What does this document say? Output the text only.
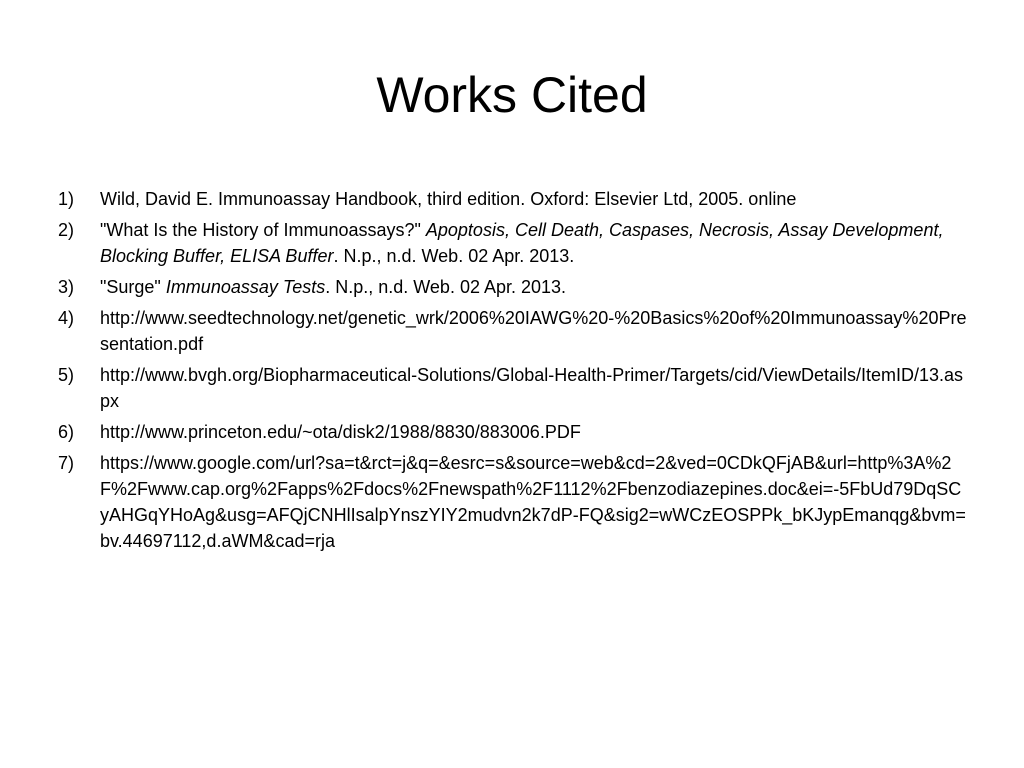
Works Cited
1) Wild, David E. Immunoassay Handbook, third edition. Oxford: Elsevier Ltd, 2005. online
2) "What Is the History of Immunoassays?" Apoptosis, Cell Death, Caspases, Necrosis, Assay Development, Blocking Buffer, ELISA Buffer. N.p., n.d. Web. 02 Apr. 2013.
3) "Surge" Immunoassay Tests. N.p., n.d. Web. 02 Apr. 2013.
4) http://www.seedtechnology.net/genetic_wrk/2006%20IAWG%20-%20Basics%20of%20Immunoassay%20Presentation.pdf
5) http://www.bvgh.org/Biopharmaceutical-Solutions/Global-Health-Primer/Targets/cid/ViewDetails/ItemID/13.aspx
6) http://www.princeton.edu/~ota/disk2/1988/8830/883006.PDF
7) https://www.google.com/url?sa=t&rct=j&q=&esrc=s&source=web&cd=2&ved=0CDkQFjAB&url=http%3A%2F%2Fwww.cap.org%2Fapps%2Fdocs%2Fnewspath%2F1112%2Fbenzodiazepines.doc&ei=-5FbUd79DqSCyAHGqYHoAg&usg=AFQjCNHlIsalpYnszYIY2mudvn2k7dP-FQ&sig2=wWCzEOSPPk_bKJypEmanqg&bvm=bv.44697112,d.aWM&cad=rja
